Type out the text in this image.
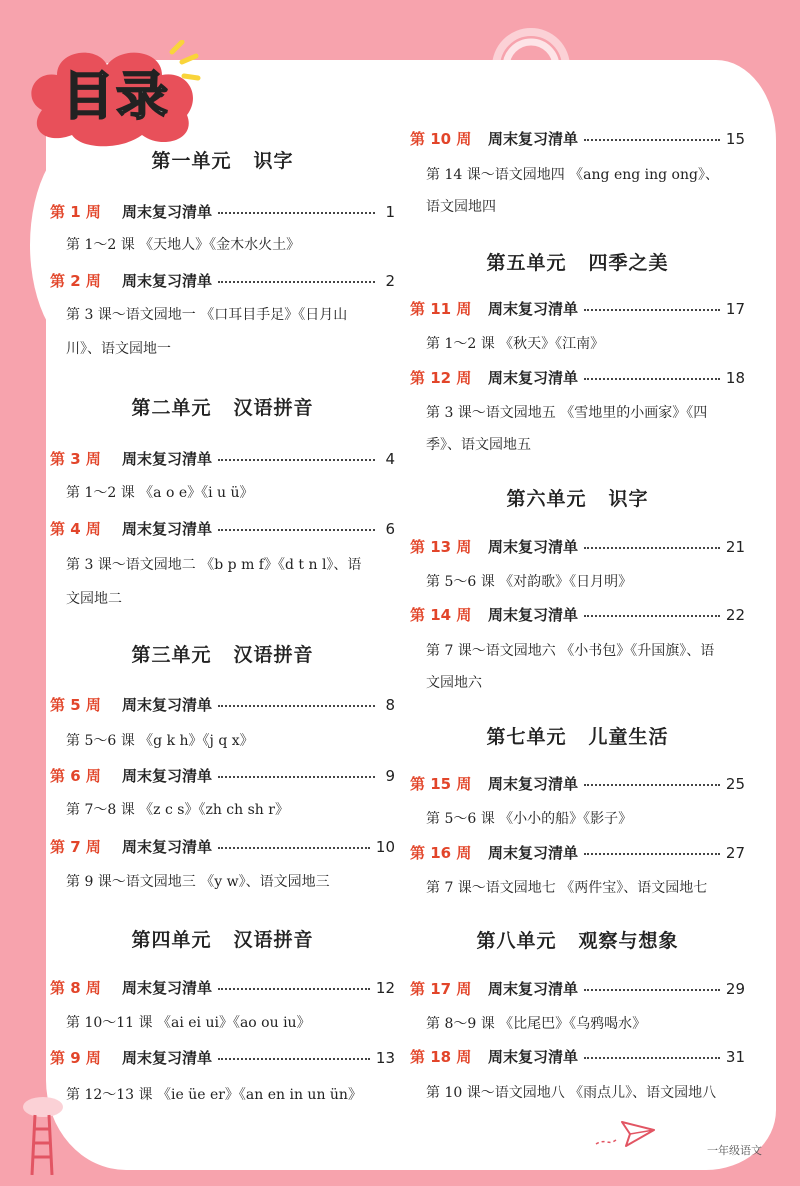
目录
一年级语文
第一单元 识字
第 1 周	周末复习清单	1
第 1～2 课 《天地人》《金木水火土》
第 2 周	周末复习清单	2
第 3 课～语文园地一 《口耳目手足》《日月山
川》、语文园地一
第二单元 汉语拼音
第 3 周	周末复习清单	4
第 1～2 课 《a o e》《i u ü》
第 4 周	周末复习清单	6
第 3 课～语文园地二 《b p m f》《d t n l》、语
文园地二
第三单元 汉语拼音
第 5 周	周末复习清单	8
第 5～6 课 《g k h》《j q x》
第 6 周	周末复习清单	9
第 7～8 课 《z c s》《zh ch sh r》
第 7 周	周末复习清单	10
第 9 课～语文园地三 《y w》、语文园地三
第四单元 汉语拼音
第 8 周	周末复习清单	12
第 10～11 课 《ai ei ui》《ao ou iu》
第 9 周	周末复习清单	13
第 12～13 课 《ie üe er》《an en in un ün》
第 10 周	周末复习清单	15
第 14 课～语文园地四 《ang eng ing ong》、
语文园地四
第五单元 四季之美
第 11 周	周末复习清单	17
第 1～2 课 《秋天》《江南》
第 12 周	周末复习清单	18
第 3 课～语文园地五 《雪地里的小画家》《四
季》、语文园地五
第六单元 识字
第 13 周	周末复习清单	21
第 5～6 课 《对韵歌》《日月明》
第 14 周	周末复习清单	22
第 7 课～语文园地六 《小书包》《升国旗》、语
文园地六
第七单元 儿童生活
第 15 周	周末复习清单	25
第 5～6 课 《小小的船》《影子》
第 16 周	周末复习清单	27
第 7 课～语文园地七 《两件宝》、语文园地七
第八单元 观察与想象
第 17 周	周末复习清单	29
第 8～9 课 《比尾巴》《乌鸦喝水》
第 18 周	周末复习清单	31
第 10 课～语文园地八 《雨点儿》、语文园地八
